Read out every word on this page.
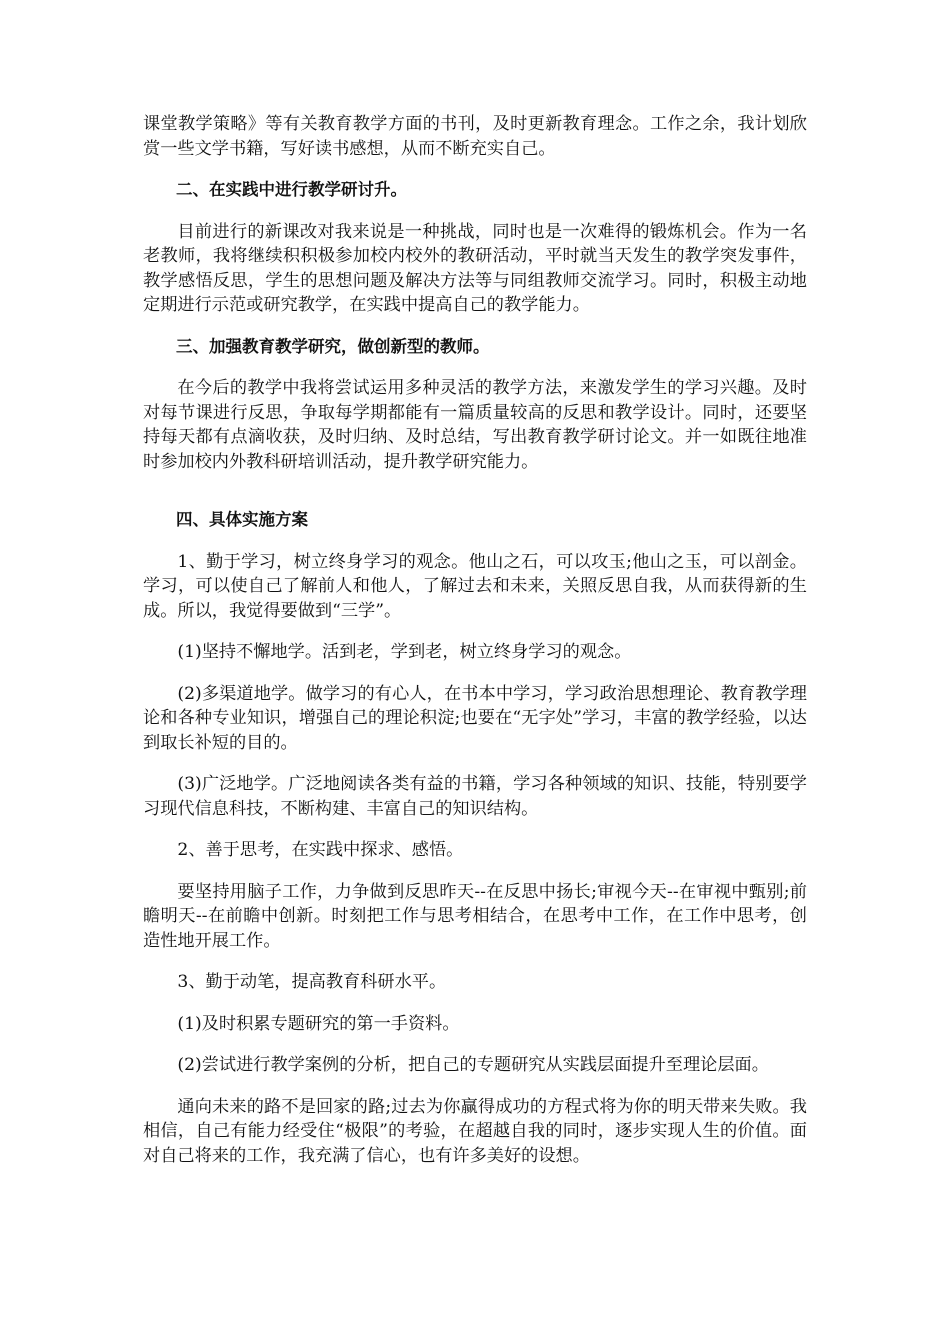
课堂教学策略》等有关教育教学方面的书刊，及时更新教育理念。工作之余，我计划欣赏一些文学书籍，写好读书感想，从而不断充实自己。

二、在实践中进行教学研讨升。

目前进行的新课改对我来说是一种挑战，同时也是一次难得的锻炼机会。作为一名老教师，我将继续积积极参加校内校外的教研活动，平时就当天发生的教学突发事件，教学感悟反思，学生的思想问题及解决方法等与同组教师交流学习。同时，积极主动地定期进行示范或研究教学，在实践中提高自己的教学能力。

三、加强教育教学研究，做创新型的教师。

在今后的教学中我将尝试运用多种灵活的教学方法，来激发学生的学习兴趣。及时对每节课进行反思，争取每学期都能有一篇质量较高的反思和教学设计。同时，还要坚持每天都有点滴收获，及时归纳、及时总结，写出教育教学研讨论文。并一如既往地准时参加校内外教科研培训活动，提升教学研究能力。

四、具体实施方案

1、勤于学习，树立终身学习的观念。他山之石，可以攻玉;他山之玉，可以剖金。学习，可以使自己了解前人和他人，了解过去和未来，关照反思自我，从而获得新的生成。所以，我觉得要做到“三学”。

(1)坚持不懈地学。活到老，学到老，树立终身学习的观念。

(2)多渠道地学。做学习的有心人，在书本中学习，学习政治思想理论、教育教学理论和各种专业知识，增强自己的理论积淀;也要在“无字处”学习，丰富的教学经验，以达到取长补短的目的。

(3)广泛地学。广泛地阅读各类有益的书籍，学习各种领域的知识、技能，特别要学习现代信息科技，不断构建、丰富自己的知识结构。

2、善于思考，在实践中探求、感悟。

要坚持用脑子工作，力争做到反思昨天--在反思中扬长;审视今天--在审视中甄别;前瞻明天--在前瞻中创新。时刻把工作与思考相结合，在思考中工作，在工作中思考，创造性地开展工作。

3、勤于动笔，提高教育科研水平。

(1)及时积累专题研究的第一手资料。

(2)尝试进行教学案例的分析，把自己的专题研究从实践层面提升至理论层面。

通向未来的路不是回家的路;过去为你赢得成功的方程式将为你的明天带来失败。我相信，自己有能力经受住“极限”的考验，在超越自我的同时，逐步实现人生的价值。面对自己将来的工作，我充满了信心，也有许多美好的设想。
